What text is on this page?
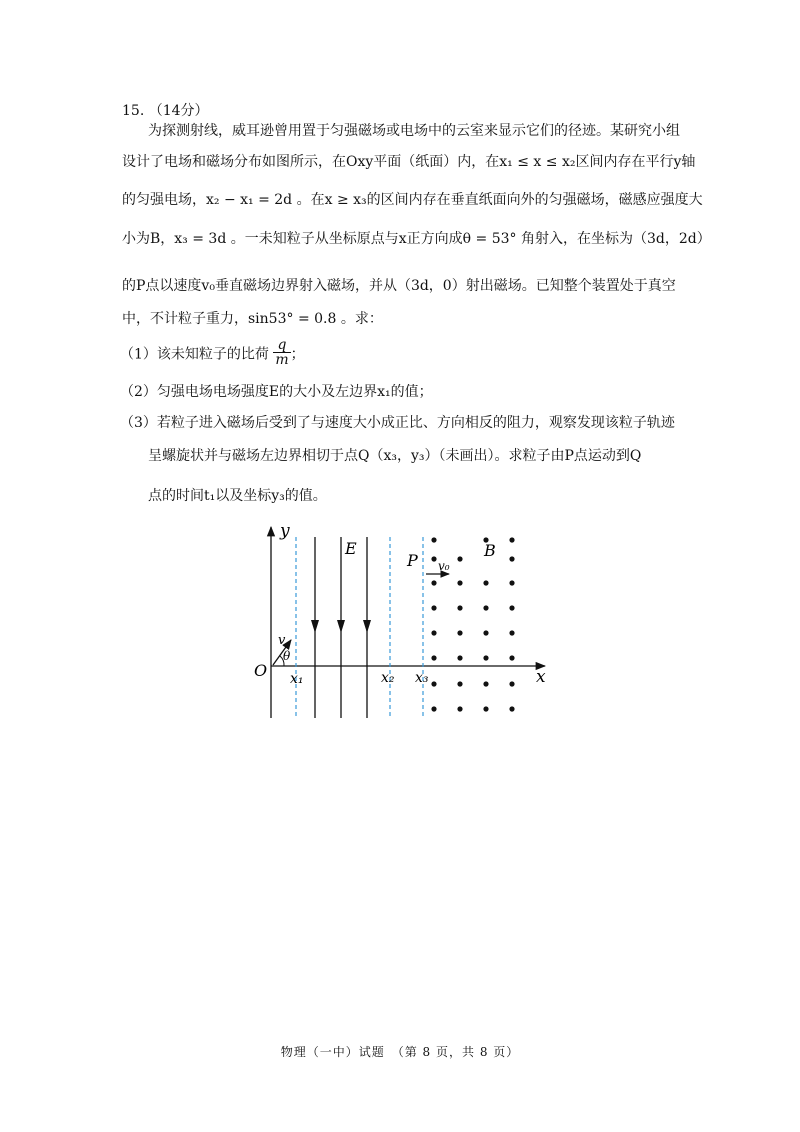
15. （14分）
为探测射线，威耳逊曾用置于匀强磁场或电场中的云室来显示它们的径迹。某研究小组
设计了电场和磁场分布如图所示，在Oxy平面（纸面）内，在x₁ ≤ x ≤ x₂区间内存在平行y轴
的匀强电场，x₂ − x₁ = 2d 。在x ≥ x₃的区间内存在垂直纸面向外的匀强磁场，磁感应强度大
小为B，x₃ = 3d 。一未知粒子从坐标原点与x正方向成θ = 53° 角射入，在坐标为（3d，2d）
的P点以速度v₀垂直磁场边界射入磁场，并从（3d，0）射出磁场。已知整个装置处于真空
中，不计粒子重力，sin53° = 0.8 。求：
（1）该未知粒子的比荷 $\frac{q}{m}$ ；
（2）匀强电场电场强度E的大小及左边界x₁的值；
（3）若粒子进入磁场后受到了与速度大小成正比、方向相反的阻力，观察发现该粒子轨迹
呈螺旋状并与磁场左边界相切于点Q（x₃，y₃）（未画出）。求粒子由P点运动到Q
点的时间t₁以及坐标y₃的值。
y
x
O x₁	x₂ x₃
E	B
P v₀
v
θ
物理（一中）试题　（第 8 页，共 8 页）
